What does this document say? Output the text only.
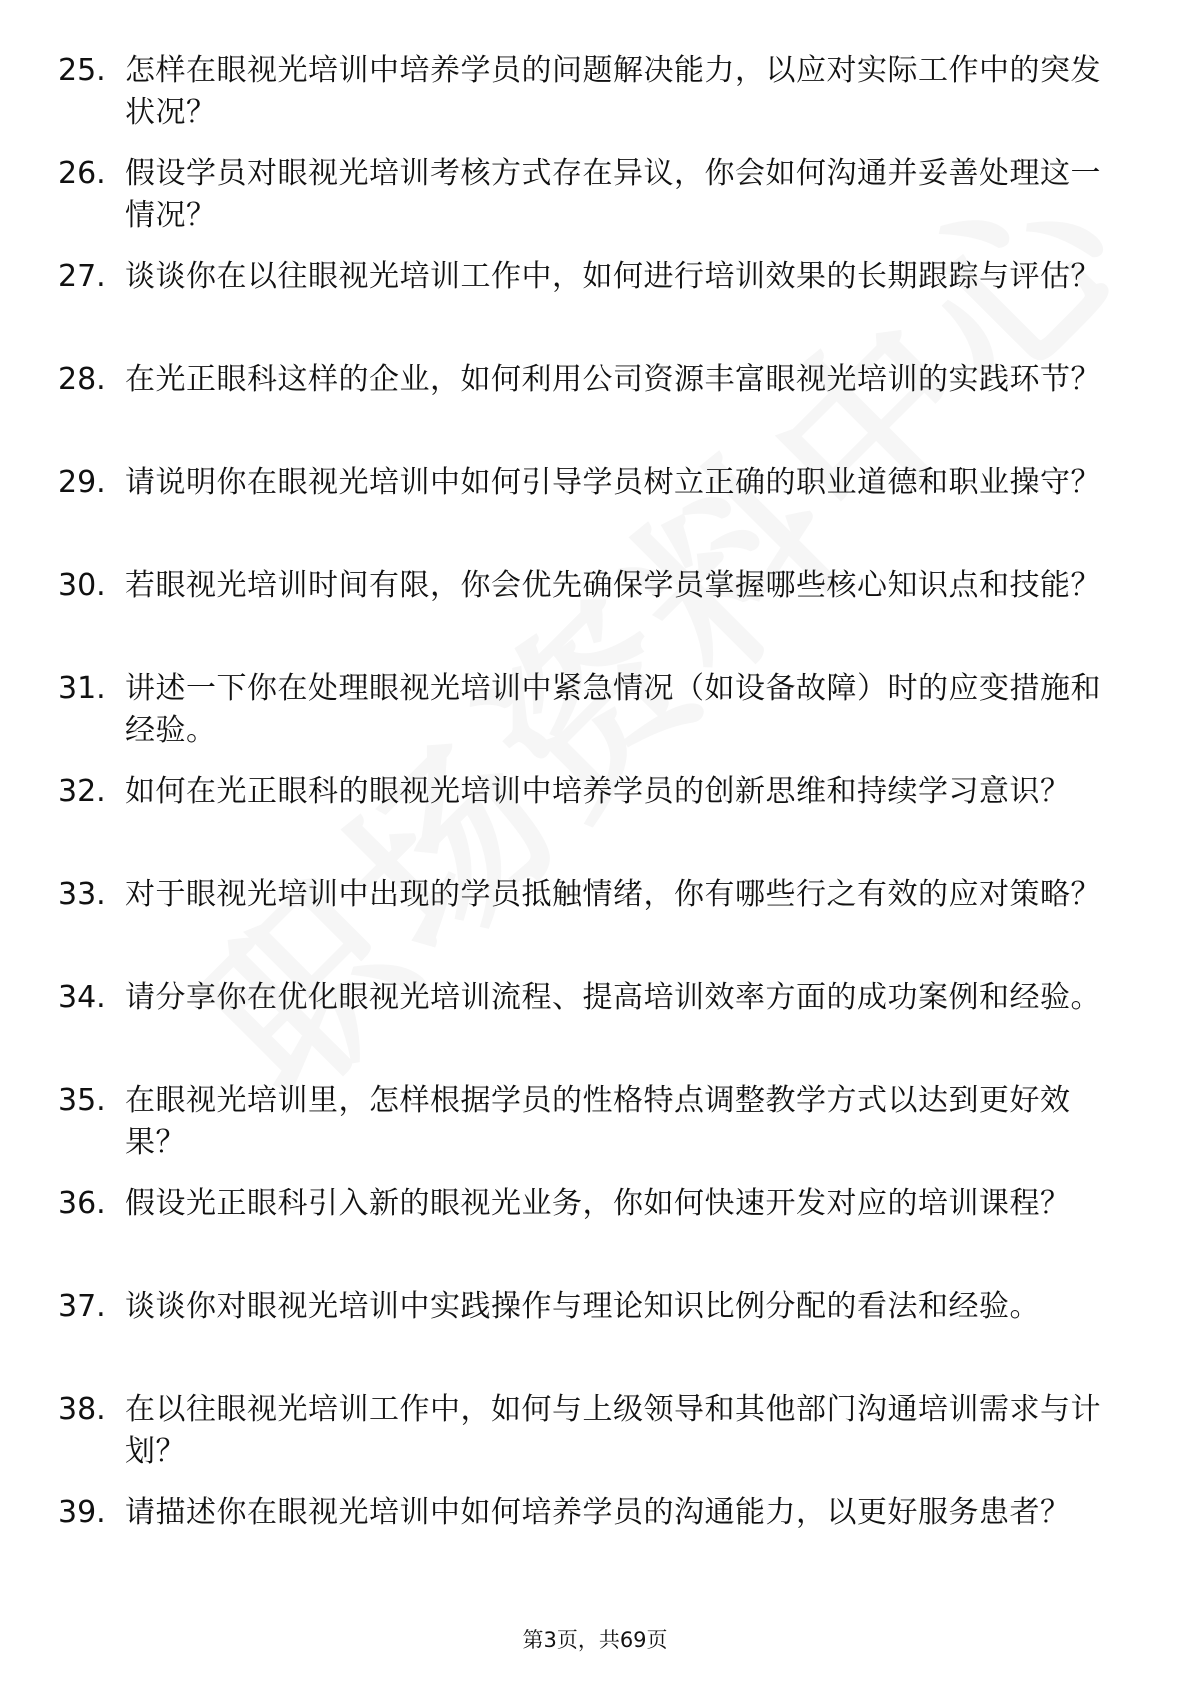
25. 怎样在眼视光培训中培养学员的问题解决能力，以应对实际工作中的突发状况？
26. 假设学员对眼视光培训考核方式存在异议，你会如何沟通并妥善处理这一情况？
27. 谈谈你在以往眼视光培训工作中，如何进行培训效果的长期跟踪与评估？
28. 在光正眼科这样的企业，如何利用公司资源丰富眼视光培训的实践环节？
29. 请说明你在眼视光培训中如何引导学员树立正确的职业道德和职业操守？
30. 若眼视光培训时间有限，你会优先确保学员掌握哪些核心知识点和技能？
31. 讲述一下你在处理眼视光培训中紧急情况（如设备故障）时的应变措施和经验。
32. 如何在光正眼科的眼视光培训中培养学员的创新思维和持续学习意识？
33. 对于眼视光培训中出现的学员抵触情绪，你有哪些行之有效的应对策略？
34. 请分享你在优化眼视光培训流程、提高培训效率方面的成功案例和经验。
35. 在眼视光培训里，怎样根据学员的性格特点调整教学方式以达到更好效果？
36. 假设光正眼科引入新的眼视光业务，你如何快速开发对应的培训课程？
37. 谈谈你对眼视光培训中实践操作与理论知识比例分配的看法和经验。
38. 在以往眼视光培训工作中，如何与上级领导和其他部门沟通培训需求与计划？
39. 请描述你在眼视光培训中如何培养学员的沟通能力，以更好服务患者？
第3页，共69页
